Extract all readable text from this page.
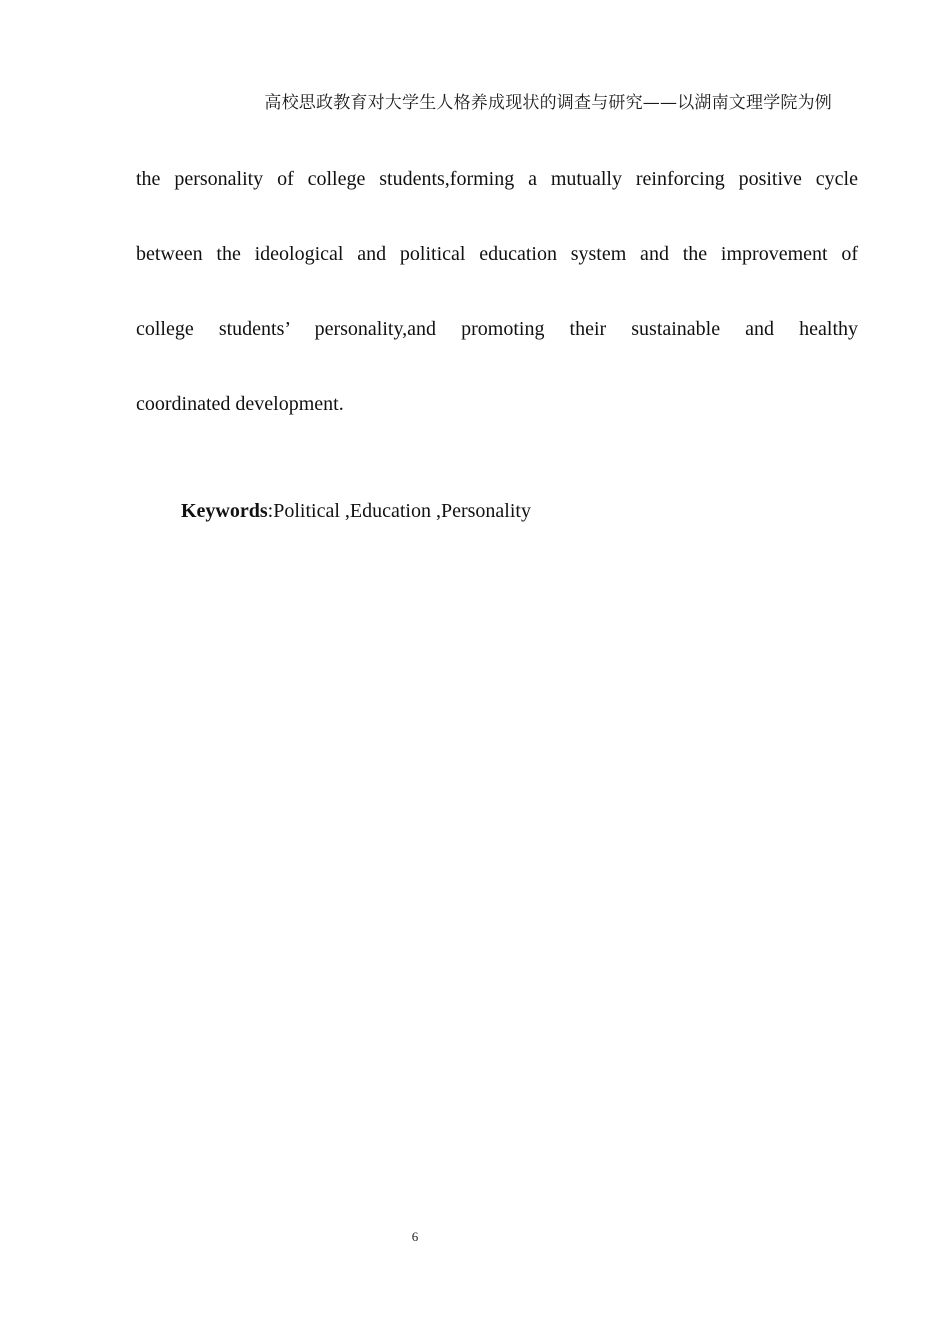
高校思政教育对大学生人格养成现状的调查与研究——以湖南文理学院为例
the personality of college students,forming a mutually reinforcing positive cycle
between the ideological and political education system and the improvement of
college students’ personality,and promoting their sustainable and healthy
coordinated development.
Keywords:Political ,Education ,Personality
6
